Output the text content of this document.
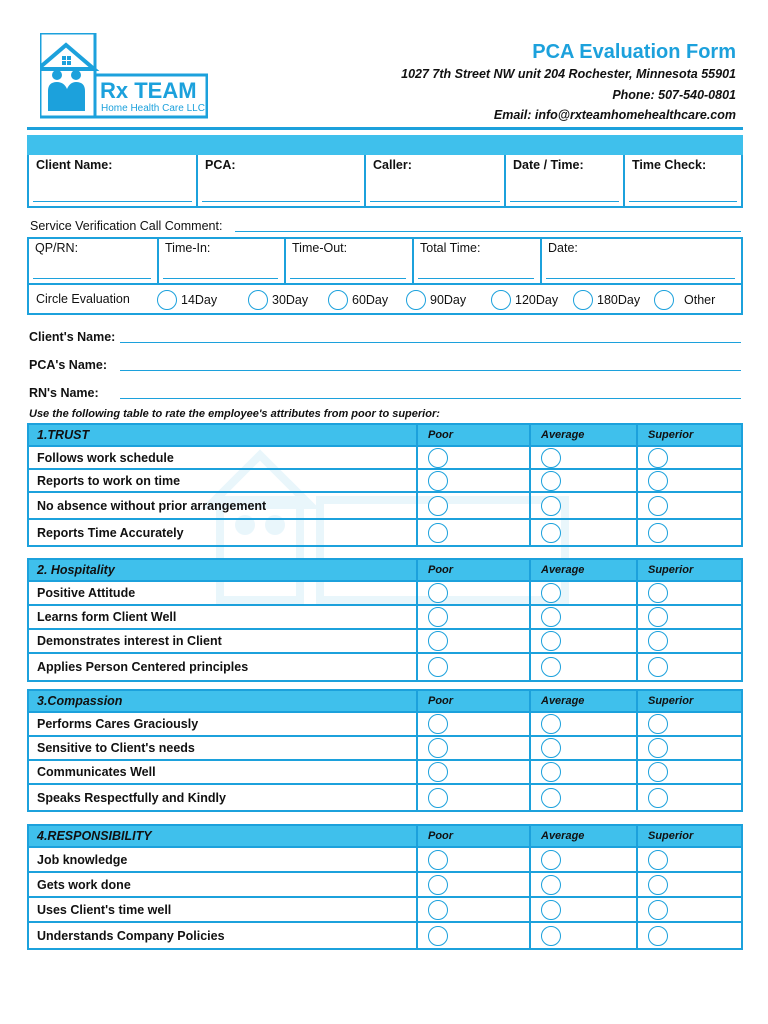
Rx TEAM
Home Health Care LLC
PCA Evaluation Form
1027 7th Street NW unit 204 Rochester, Minnesota 55901
Phone: 507-540-0801
Email: info@rxteamhomehealthcare.com
Client Name:	PCA:	Caller:	Date / Time:	Time Check:
Service Verification Call Comment:
QP/RN:	Time-In:	Time-Out:	Total Time:	Date:
Circle Evaluation	14Day	30Day	60Day	90Day	120Day	180Day	Other
Client's Name:
PCA's Name:
RN's Name:
Use the following table to rate the employee's attributes from poor to superior:
1.TRUST	Poor	Average	Superior
Follows work schedule
Reports to work on time
No absence without prior arrangement
Reports Time Accurately
2. Hospitality	Poor	Average	Superior
Positive Attitude
Learns form Client Well
Demonstrates interest in Client
Applies Person Centered principles
3.Compassion	Poor	Average	Superior
Performs Cares Graciously
Sensitive to Client's needs
Communicates Well
Speaks Respectfully and Kindly
4.RESPONSIBILITY	Poor	Average	Superior
Job knowledge
Gets work done
Uses Client's time well
Understands Company Policies
